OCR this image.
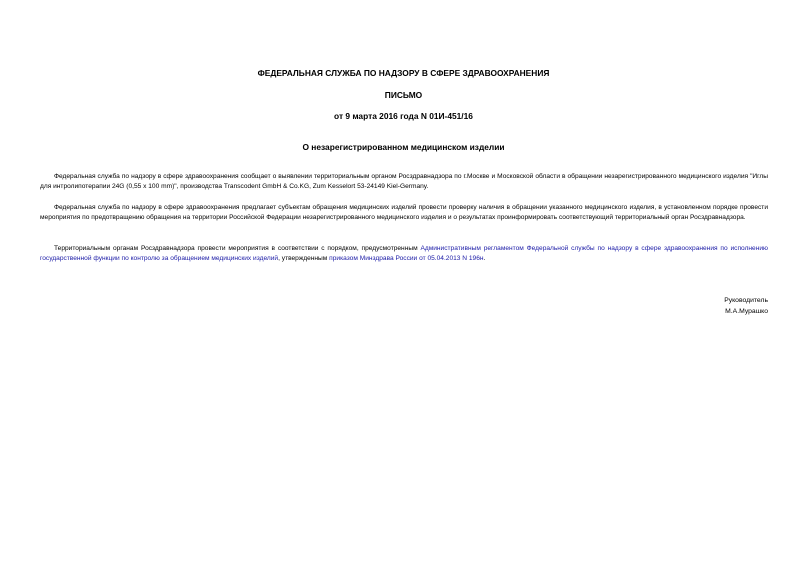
ФЕДЕРАЛЬНАЯ СЛУЖБА ПО НАДЗОРУ В СФЕРЕ ЗДРАВООХРАНЕНИЯ
ПИСЬМО
от 9 марта 2016 года N 01И-451/16
О незарегистрированном медицинском изделии

Федеральная служба по надзору в сфере здравоохранения сообщает о выявлении территориальным органом Росздравнадзора по г.Москве и Московской области в обращении незарегистрированного медицинского изделия "Иглы для интролипотерапии 24G (0,55 x 100 mm)", производства Transcodent GmbH & Co.KG, Zum Kesselort 53-24149 Kiel-Germany.

Федеральная служба по надзору в сфере здравоохранения предлагает субъектам обращения медицинских изделий провести проверку наличия в обращении указанного медицинского изделия, в установленном порядке провести мероприятия по предотвращению обращения на территории Российской Федерации незарегистрированного медицинского изделия и о результатах проинформировать соответствующий территориальный орган Росздравнадзора.

Территориальным органам Росздравнадзора провести мероприятия в соответствии с порядком, предусмотренным Административным регламентом Федеральной службы по надзору в сфере здравоохранения по исполнению государственной функции по контролю за обращением медицинских изделий, утвержденным приказом Минздрава России от 05.04.2013 N 196н.

Руководитель
М.А.Мурашко
